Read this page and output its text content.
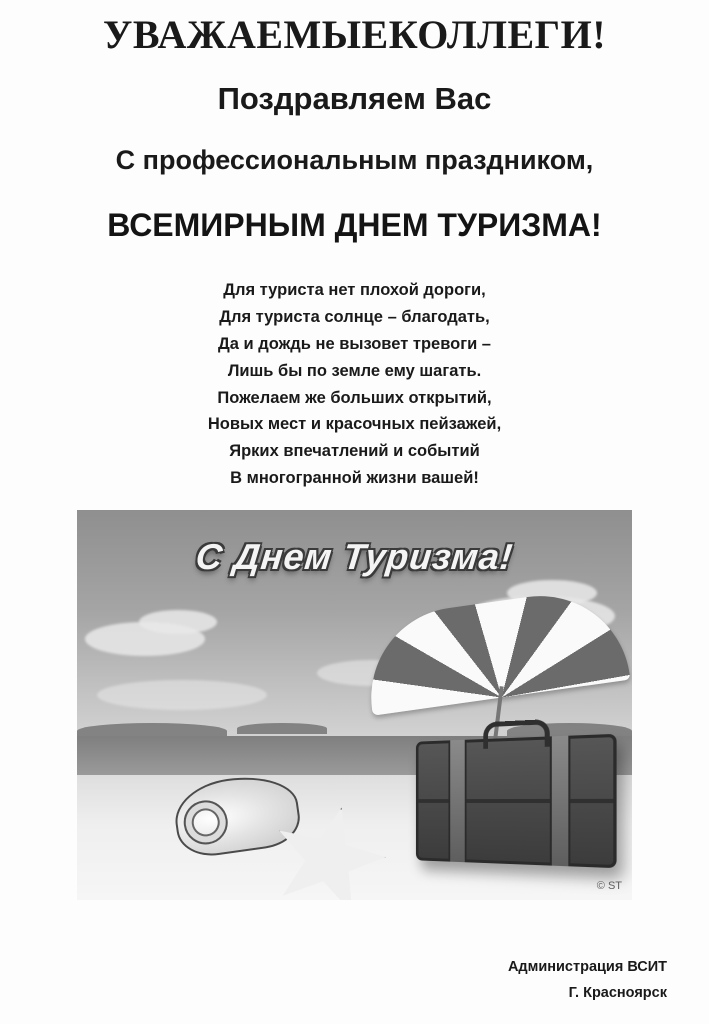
УВАЖАЕМЫЕКОЛЛЕГИ!
Поздравляем Вас
С профессиональным праздником,
ВСЕМИРНЫМ ДНЕМ ТУРИЗМА!
Для туриста нет плохой дороги,
Для туриста солнце – благодать,
Да и дождь не вызовет тревоги –
Лишь бы по земле ему шагать.
Пожелаем же больших открытий,
Новых мест и красочных пейзажей,
Ярких впечатлений и событий
В многогранной жизни вашей!
С Днем Туризма!
© ST
Администрация ВСИТ
Г. Красноярск
